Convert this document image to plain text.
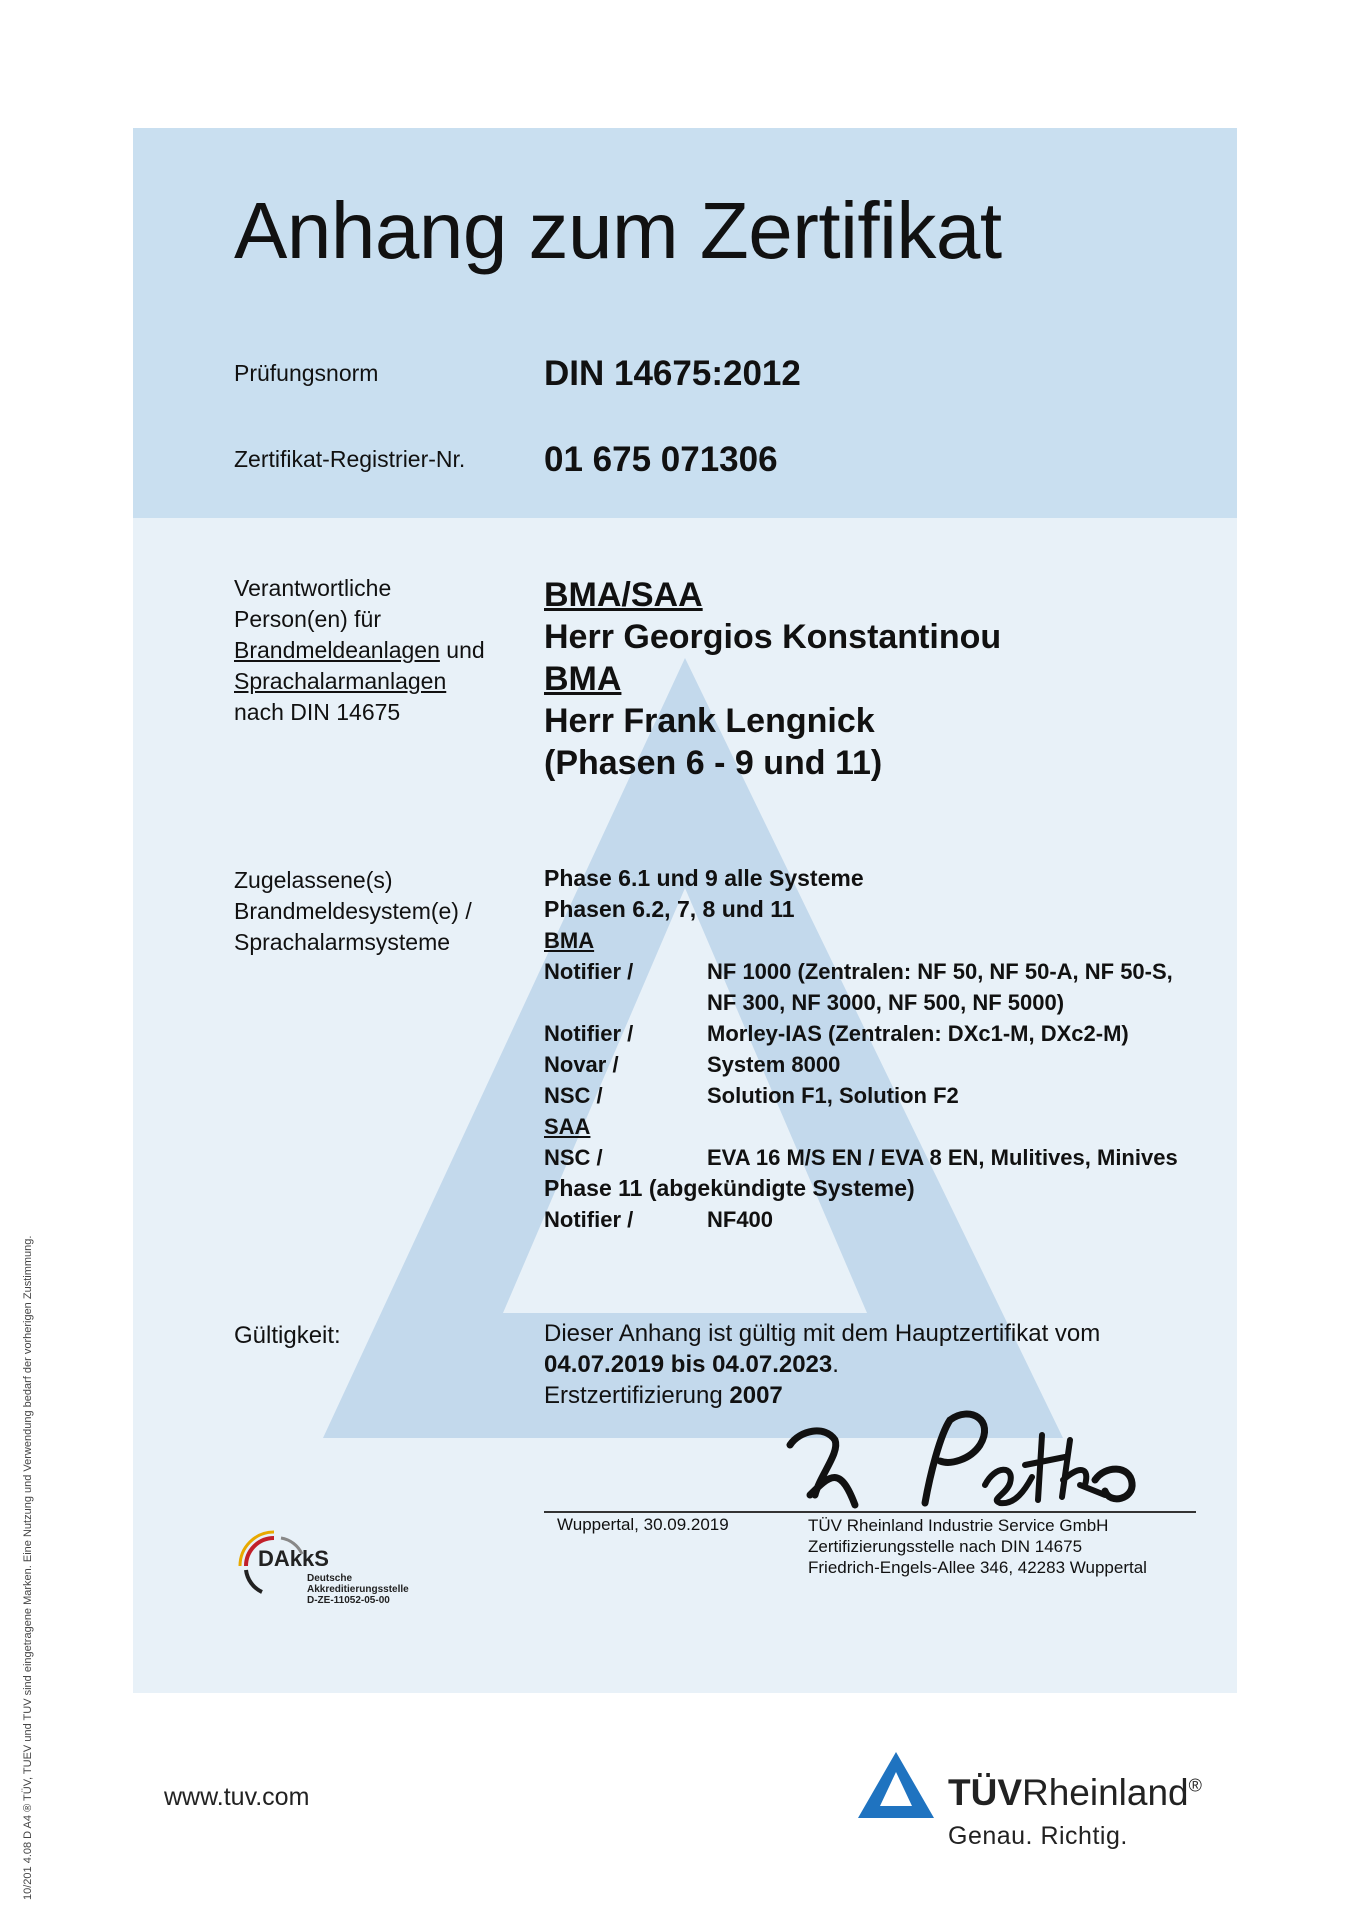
Anhang zum Zertifikat
Prüfungsnorm	DIN 14675:2012
Zertifikat-Registrier-Nr. 01 675 071306
Verantwortliche
Person(en) für
Brandmeldeanlagen und
Sprachalarmanlagen
nach DIN 14675
BMA/SAA
Herr Georgios Konstantinou
BMA
Herr Frank Lengnick
(Phasen 6 - 9 und 11)
Zugelassene(s)
Brandmeldesystem(e) /
Sprachalarmsysteme
Phase 6.1 und 9 alle Systeme
Phasen 6.2, 7, 8 und 11
BMA
Notifier /	NF 1000 (Zentralen: NF 50, NF 50-A, NF 50-S,
NF 300, NF 3000, NF 500, NF 5000)
Notifier /	Morley-IAS (Zentralen: DXc1-M, DXc2-M)
Novar /	System 8000
NSC /	Solution F1, Solution F2
SAA
NSC /	EVA 16 M/S EN / EVA 8 EN, Mulitives, Minives
Phase 11 (abgekündigte Systeme)
Notifier /	NF400
Gültigkeit:	Dieser Anhang ist gültig mit dem Hauptzertifikat vom
04.07.2019 bis 04.07.2023.
Erstzertifizierung 2007
Wuppertal, 30.09.2019	TÜV Rheinland Industrie Service GmbH
Zertifizierungsstelle nach DIN 14675
Friedrich-Engels-Allee 346, 42283 Wuppertal
DAkkS
Deutsche
Akkreditierungsstelle
D-ZE-11052-05-00
10/201 4.08 D A4 ® TÜV, TUEV und TUV sind eingetragene Marken. Eine Nutzung und Verwendung bedarf der vorherigen Zustimmung.	www.tuv.com	TÜVRheinland®
Genau. Richtig.
